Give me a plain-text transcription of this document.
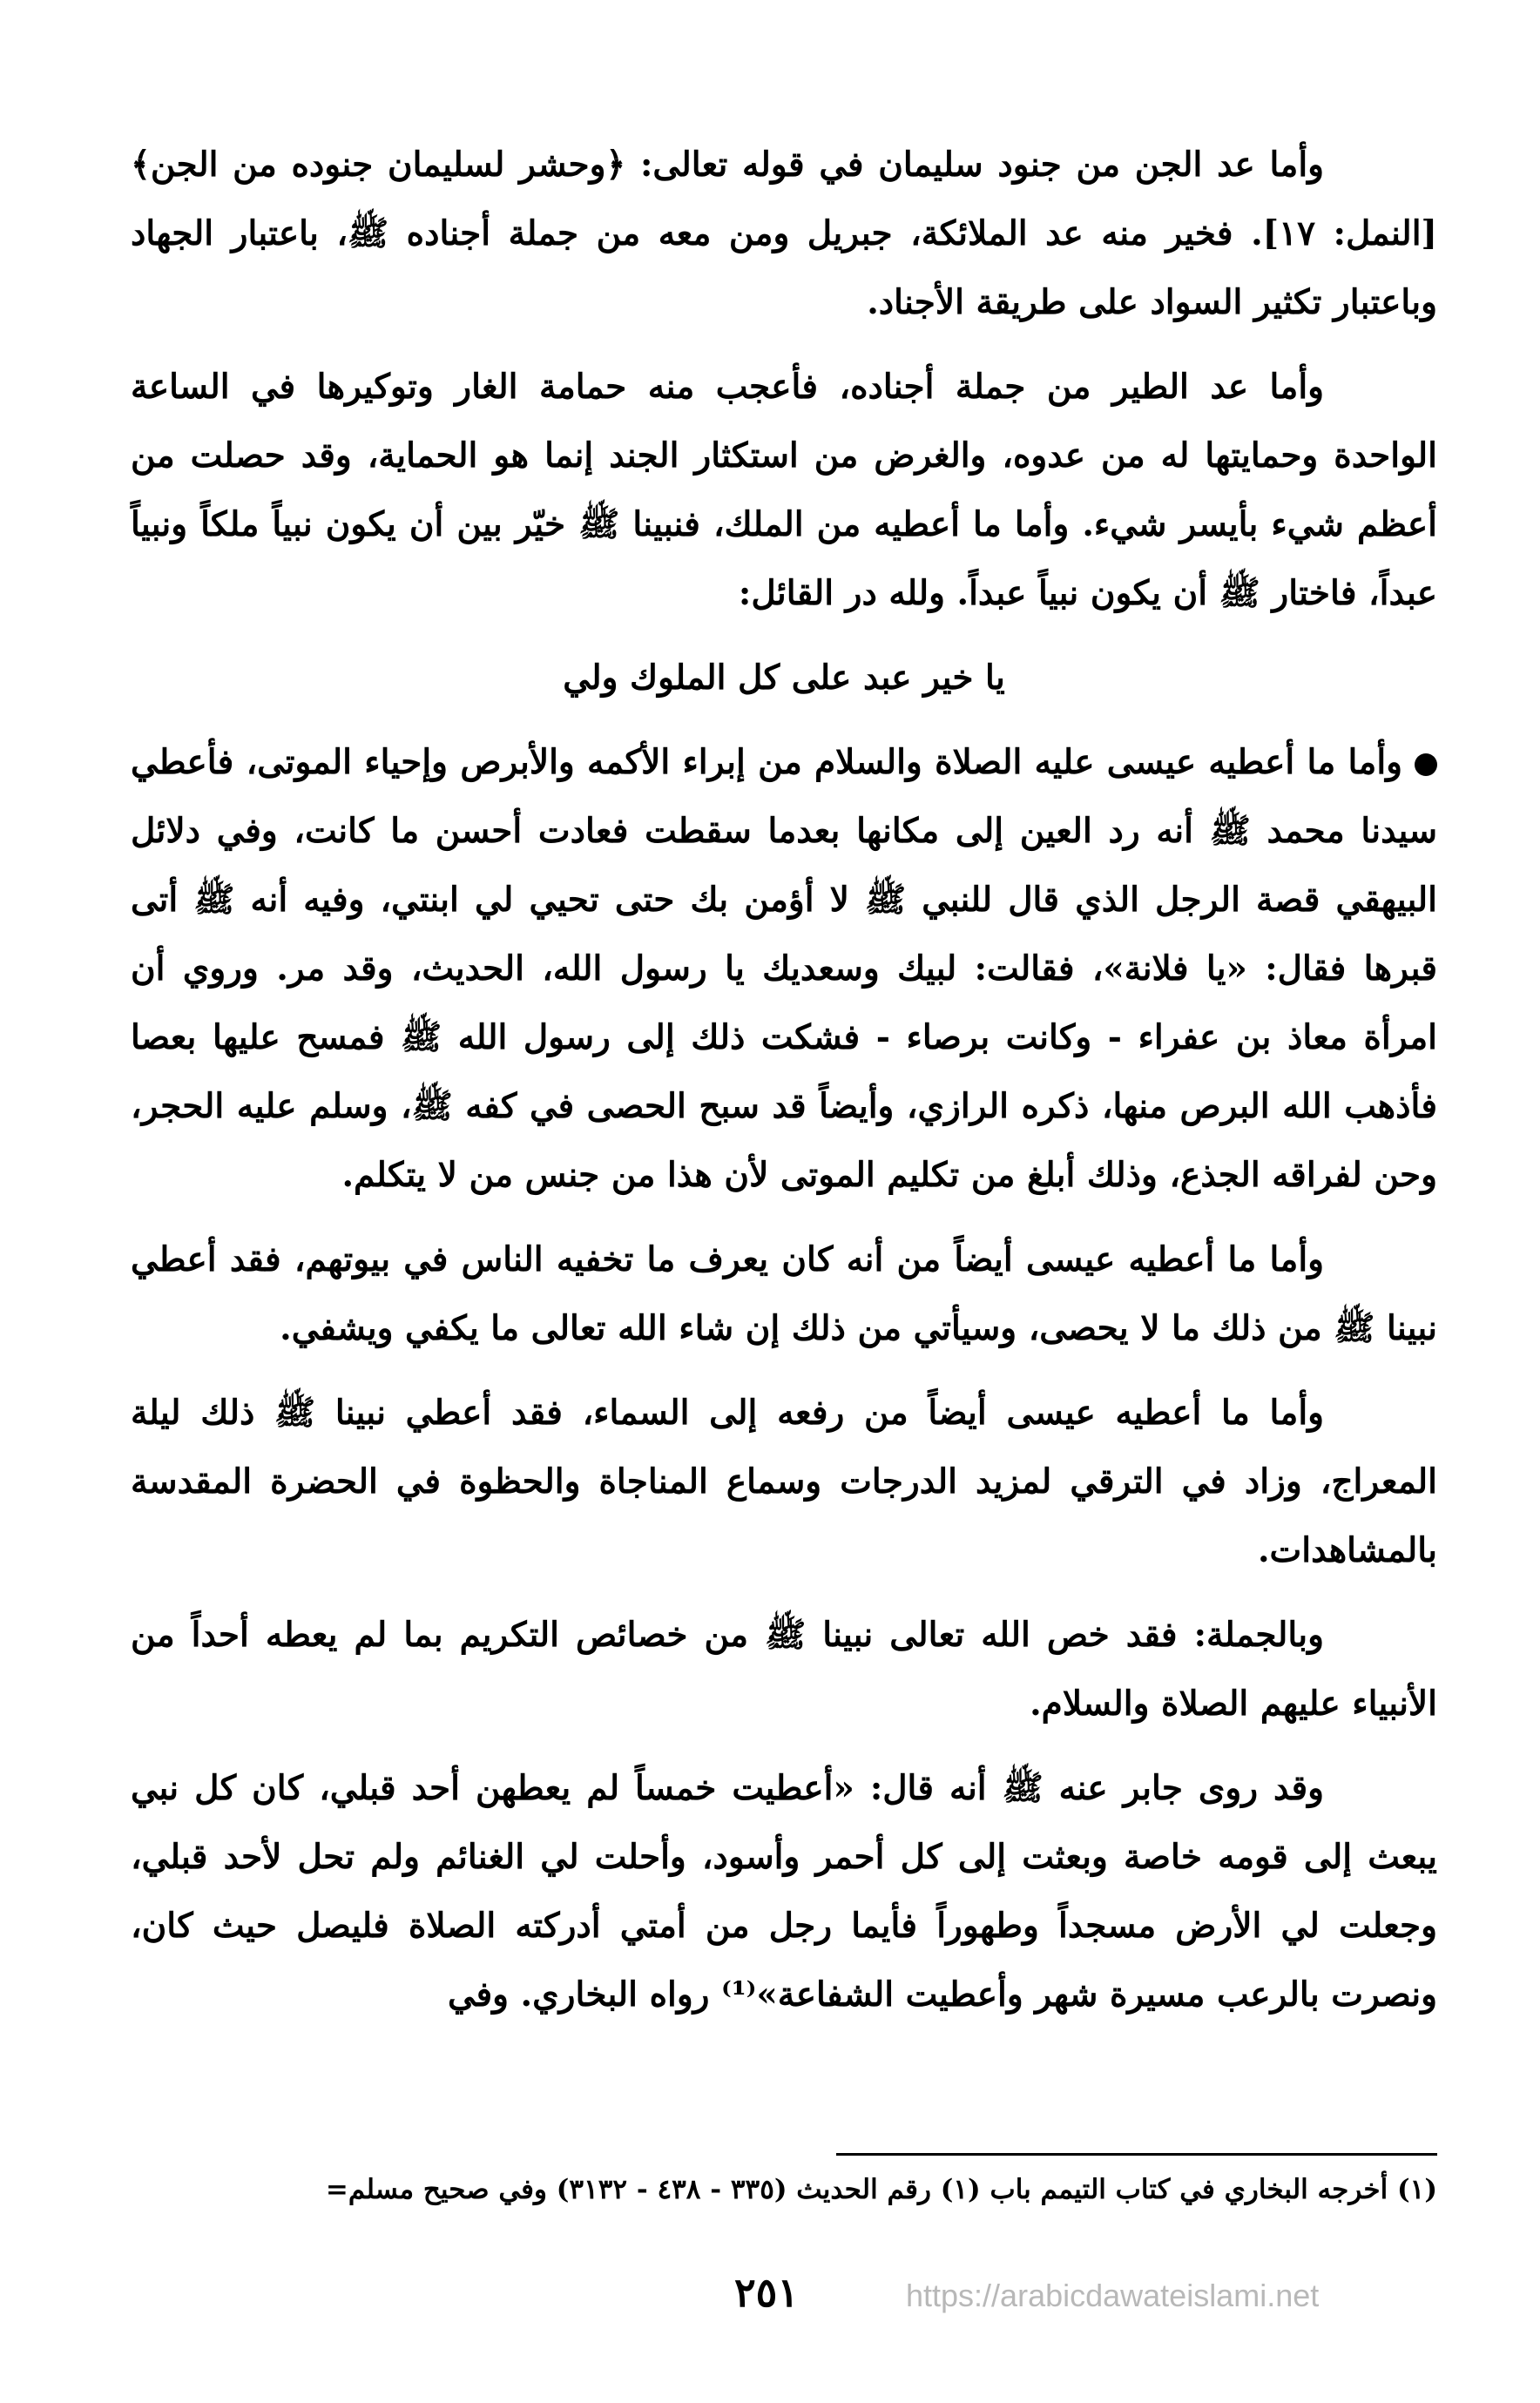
وأما عد الجن من جنود سليمان في قوله تعالى: ﴿وحشر لسليمان جنوده من الجن﴾ [النمل: ١٧]. فخير منه عد الملائكة، جبريل ومن معه من جملة أجناده ﷺ، باعتبار الجهاد وباعتبار تكثير السواد على طريقة الأجناد.

وأما عد الطير من جملة أجناده، فأعجب منه حمامة الغار وتوكيرها في الساعة الواحدة وحمايتها له من عدوه، والغرض من استكثار الجند إنما هو الحماية، وقد حصلت من أعظم شيء بأيسر شيء. وأما ما أعطيه من الملك، فنبينا ﷺ خيّر بين أن يكون نبياً ملكاً ونبياً عبداً، فاختار ﷺ أن يكون نبياً عبداً. ولله در القائل:

يا خير عبد على كل الملوك ولي

وأما ما أعطيه عيسى عليه الصلاة والسلام من إبراء الأكمه والأبرص وإحياء الموتى، فأعطي سيدنا محمد ﷺ أنه رد العين إلى مكانها بعدما سقطت فعادت أحسن ما كانت، وفي دلائل البيهقي قصة الرجل الذي قال للنبي ﷺ لا أؤمن بك حتى تحيي لي ابنتي، وفيه أنه ﷺ أتى قبرها فقال: «يا فلانة»، فقالت: لبيك وسعديك يا رسول الله، الحديث، وقد مر. وروي أن امرأة معاذ بن عفراء - وكانت برصاء - فشكت ذلك إلى رسول الله ﷺ فمسح عليها بعصا فأذهب الله البرص منها، ذكره الرازي، وأيضاً قد سبح الحصى في كفه ﷺ، وسلم عليه الحجر، وحن لفراقه الجذع، وذلك أبلغ من تكليم الموتى لأن هذا من جنس من لا يتكلم.

وأما ما أعطيه عيسى أيضاً من أنه كان يعرف ما تخفيه الناس في بيوتهم، فقد أعطي نبينا ﷺ من ذلك ما لا يحصى، وسيأتي من ذلك إن شاء الله تعالى ما يكفي ويشفي.

وأما ما أعطيه عيسى أيضاً من رفعه إلى السماء، فقد أعطي نبينا ﷺ ذلك ليلة المعراج، وزاد في الترقي لمزيد الدرجات وسماع المناجاة والحظوة في الحضرة المقدسة بالمشاهدات.

وبالجملة: فقد خص الله تعالى نبينا ﷺ من خصائص التكريم بما لم يعطه أحداً من الأنبياء عليهم الصلاة والسلام.

وقد روى جابر عنه ﷺ أنه قال: «أعطيت خمساً لم يعطهن أحد قبلي، كان كل نبي يبعث إلى قومه خاصة وبعثت إلى كل أحمر وأسود، وأحلت لي الغنائم ولم تحل لأحد قبلي، وجعلت لي الأرض مسجداً وطهوراً فأيما رجل من أمتي أدركته الصلاة فليصل حيث كان، ونصرت بالرعب مسيرة شهر وأعطيت الشفاعة»⁽¹⁾ رواه البخاري. وفي

(١) أخرجه البخاري في كتاب التيمم باب (١) رقم الحديث (٣٣٥ - ٤٣٨ - ٣١٣٢) وفي صحيح مسلم=
٢٥١	https://arabicdawateislami.net
